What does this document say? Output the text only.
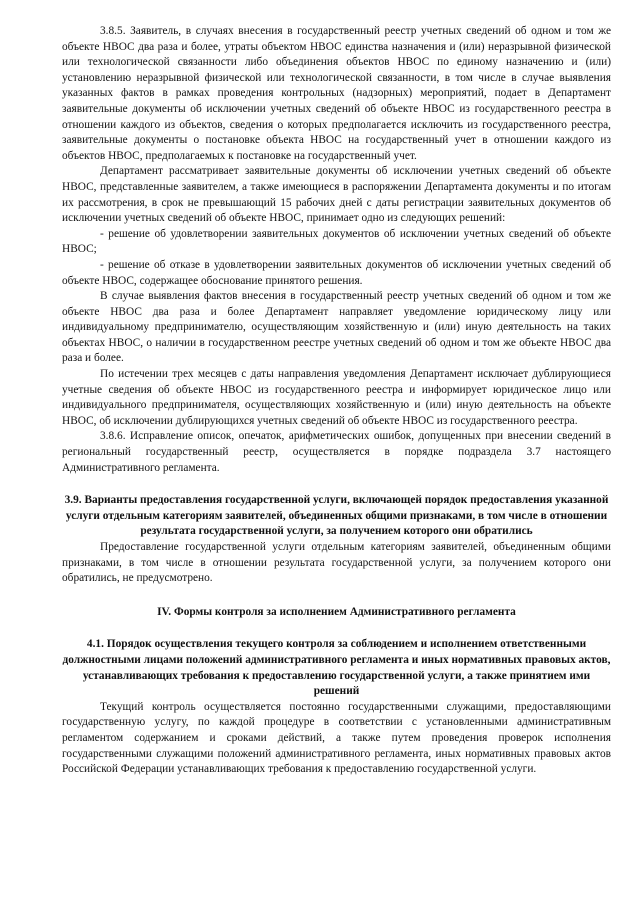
3.8.5. Заявитель, в случаях внесения в государственный реестр учетных сведений об одном и том же объекте НВОС два раза и более, утраты объектом НВОС единства назначения и (или) неразрывной физической или технологической связанности либо объединения объектов НВОС по единому назначению и (или) установлению неразрывной физической или технологической связанности, в том числе в случае выявления указанных фактов в рамках проведения контрольных (надзорных) мероприятий, подает в Департамент заявительные документы об исключении учетных сведений об объекте НВОС из государственного реестра в отношении каждого из объектов, сведения о которых предполагается исключить из государственного реестра, заявительные документы о постановке объекта НВОС на государственный учет в отношении каждого из объектов НВОС, предполагаемых к постановке на государственный учет.

Департамент рассматривает заявительные документы об исключении учетных сведений об объекте НВОС, представленные заявителем, а также имеющиеся в распоряжении Департамента документы и по итогам их рассмотрения, в срок не превышающий 15 рабочих дней с даты регистрации заявительных документов об исключении учетных сведений об объекте НВОС, принимает одно из следующих решений:

- решение об удовлетворении заявительных документов об исключении учетных сведений об объекте НВОС;

- решение об отказе в удовлетворении заявительных документов об исключении учетных сведений об объекте НВОС, содержащее обоснование принятого решения.

В случае выявления фактов внесения в государственный реестр учетных сведений об одном и том же объекте НВОС два раза и более Департамент направляет уведомление юридическому лицу или индивидуальному предпринимателю, осуществляющим хозяйственную и (или) иную деятельность на таких объектах НВОС, о наличии в государственном реестре учетных сведений об одном и том же объекте НВОС два раза и более.

По истечении трех месяцев с даты направления уведомления Департамент исключает дублирующиеся учетные сведения об объекте НВОС из государственного реестра и информирует юридическое лицо или индивидуального предпринимателя, осуществляющих хозяйственную и (или) иную деятельность на объекте НВОС, об исключении дублирующихся учетных сведений об объекте НВОС из государственного реестра.

3.8.6. Исправление описок, опечаток, арифметических ошибок, допущенных при внесении сведений в региональный государственный реестр, осуществляется в порядке подраздела 3.7 настоящего Административного регламента.

3.9. Варианты предоставления государственной услуги, включающей порядок предоставления указанной услуги отдельным категориям заявителей, объединенных общими признаками, в том числе в отношении результата государственной услуги, за получением которого они обратились

Предоставление государственной услуги отдельным категориям заявителей, объединенным общими признаками, в том числе в отношении результата государственной услуги, за получением которого они обратились, не предусмотрено.

IV. Формы контроля за исполнением Административного регламента
4.1. Порядок осуществления текущего контроля за соблюдением и исполнением ответственными должностными лицами положений административного регламента и иных нормативных правовых актов, устанавливающих требования к предоставлению государственной услуги, а также принятием ими решений

Текущий контроль осуществляется постоянно государственными служащими, предоставляющими государственную услугу, по каждой процедуре в соответствии с установленными административным регламентом содержанием и сроками действий, а также путем проведения проверок исполнения государственными служащими положений административного регламента, иных нормативных правовых актов Российской Федерации устанавливающих требования к предоставлению государственной услуги.
